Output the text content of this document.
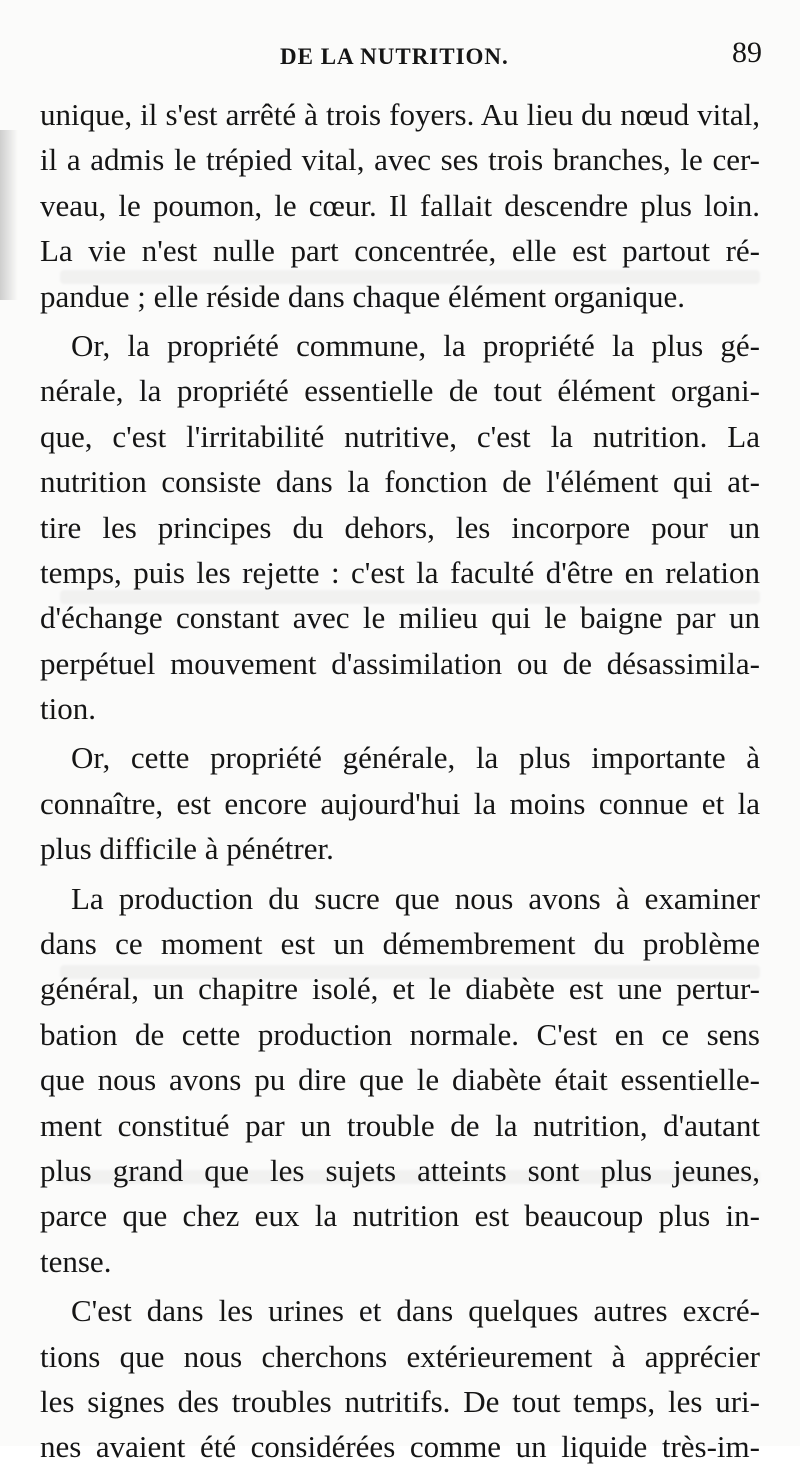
DE LA NUTRITION.	89
unique, il s'est arrêté à trois foyers. Au lieu du nœud vital,
il a admis le trépied vital, avec ses trois branches, le cer-
veau, le poumon, le cœur. Il fallait descendre plus loin.
La vie n'est nulle part concentrée, elle est partout ré-
pandue ; elle réside dans chaque élément organique.
Or, la propriété commune, la propriété la plus gé-
nérale, la propriété essentielle de tout élément organi-
que, c'est l'irritabilité nutritive, c'est la nutrition. La
nutrition consiste dans la fonction de l'élément qui at-
tire les principes du dehors, les incorpore pour un
temps, puis les rejette : c'est la faculté d'être en relation
d'échange constant avec le milieu qui le baigne par un
perpétuel mouvement d'assimilation ou de désassimila-
tion.
Or, cette propriété générale, la plus importante à
connaître, est encore aujourd'hui la moins connue et la
plus difficile à pénétrer.
La production du sucre que nous avons à examiner
dans ce moment est un démembrement du problème
général, un chapitre isolé, et le diabète est une pertur-
bation de cette production normale. C'est en ce sens
que nous avons pu dire que le diabète était essentielle-
ment constitué par un trouble de la nutrition, d'autant
plus grand que les sujets atteints sont plus jeunes,
parce que chez eux la nutrition est beaucoup plus in-
tense.
C'est dans les urines et dans quelques autres excré-
tions que nous cherchons extérieurement à apprécier
les signes des troubles nutritifs. De tout temps, les uri-
nes avaient été considérées comme un liquide très-im-
